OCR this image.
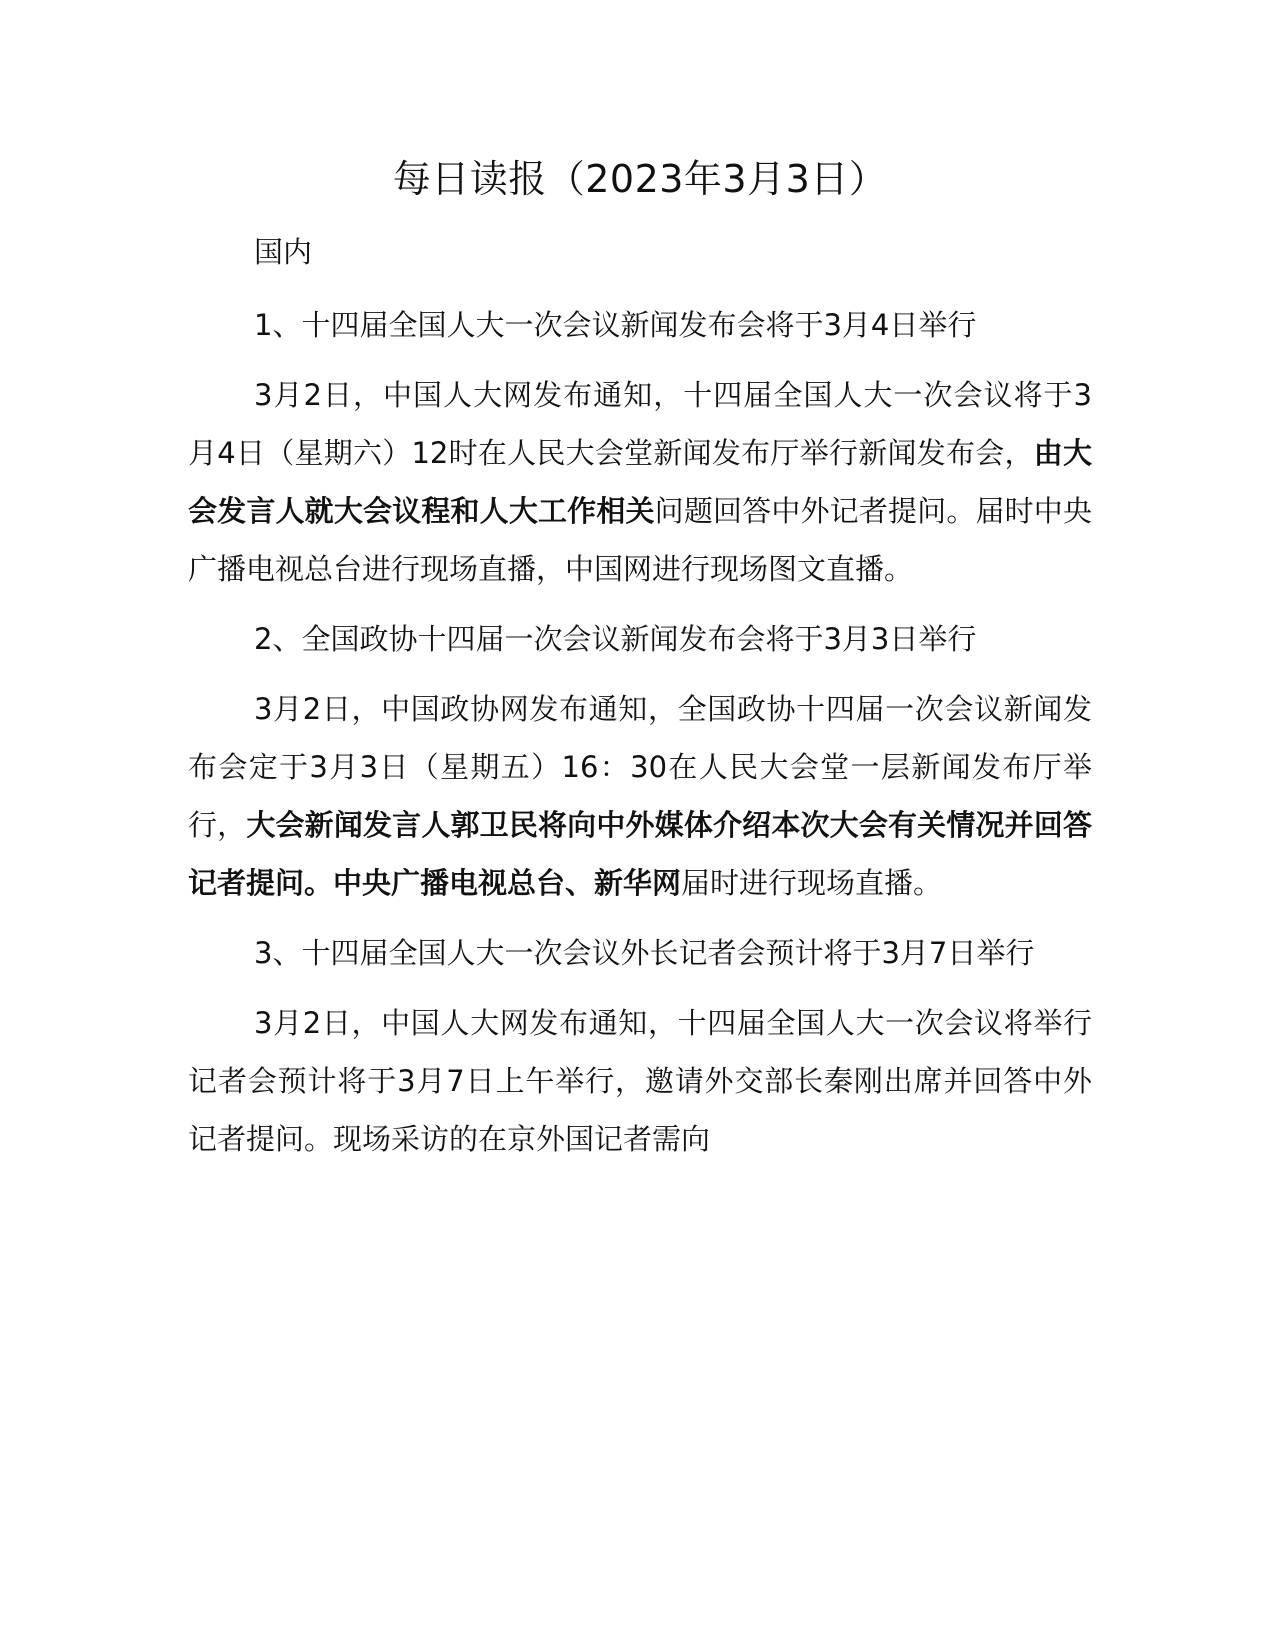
每日读报（2023年3月3日）
国内
1、十四届全国人大一次会议新闻发布会将于3月4日举行
3月2日，中国人大网发布通知，十四届全国人大一次会议将于3月4日（星期六）12时在人民大会堂新闻发布厅举行新闻发布会，由大会发言人就大会议程和人大工作相关问题回答中外记者提问。届时中央广播电视总台进行现场直播，中国网进行现场图文直播。
2、全国政协十四届一次会议新闻发布会将于3月3日举行
3月2日，中国政协网发布通知，全国政协十四届一次会议新闻发布会定于3月3日（星期五）16：30在人民大会堂一层新闻发布厅举行，大会新闻发言人郭卫民将向中外媒体介绍本次大会有关情况并回答记者提问。中央广播电视总台、新华网届时进行现场直播。
3、十四届全国人大一次会议外长记者会预计将于3月7日举行
3月2日，中国人大网发布通知，十四届全国人大一次会议将举行记者会预计将于3月7日上午举行，邀请外交部长秦刚出席并回答中外记者提问。现场采访的在京外国记者需向
